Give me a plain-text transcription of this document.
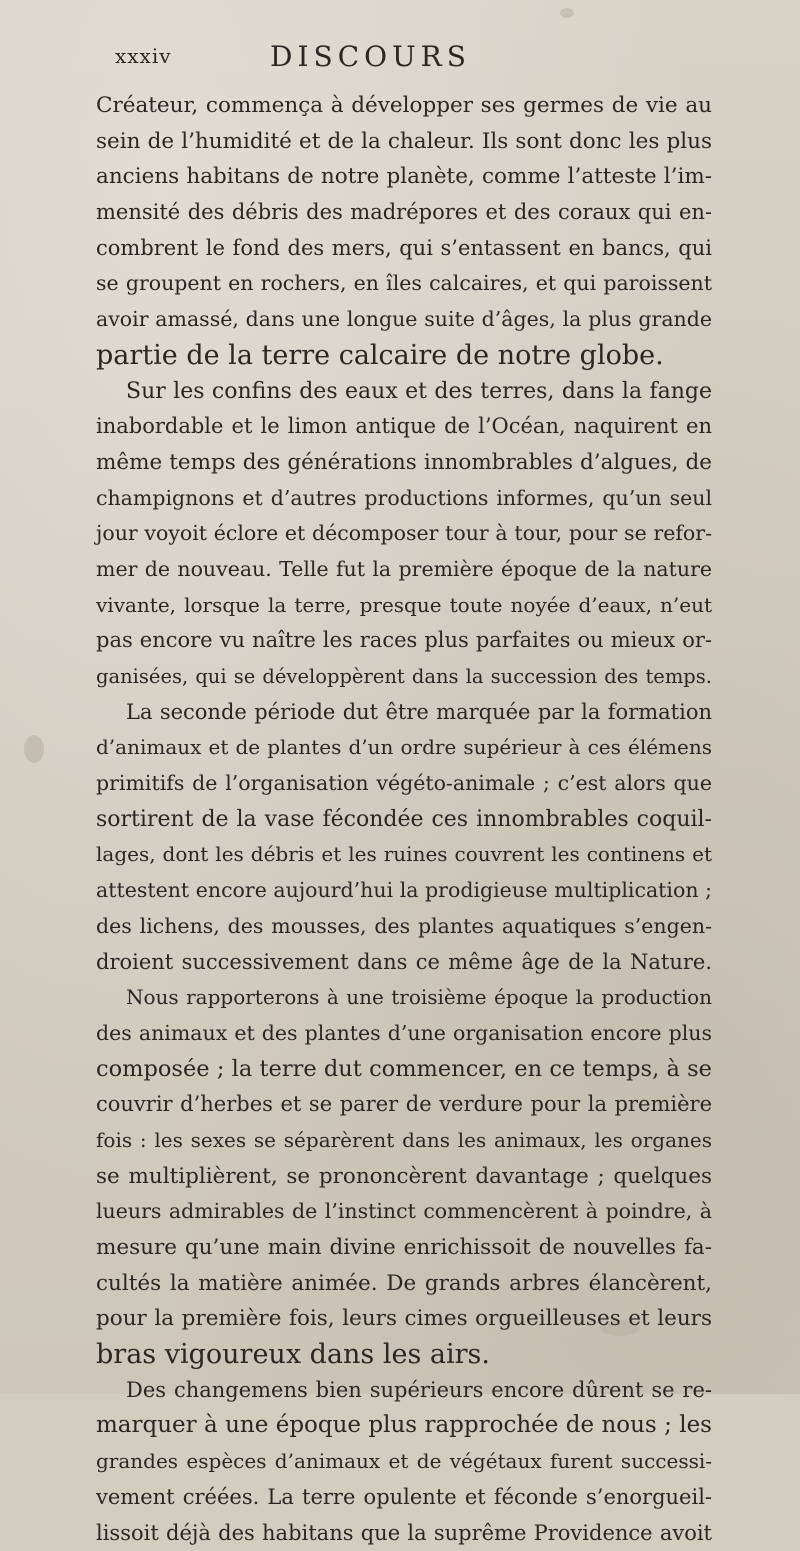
xxxiv	DISCOURS
Créateur, commença à développer ses germes de vie au
sein de l’humidité et de la chaleur. Ils sont donc les plus
anciens habitans de notre planète, comme l’atteste l’im-
mensité des débris des madrépores et des coraux qui en-
combrent le fond des mers, qui s’entassent en bancs, qui
se groupent en rochers, en îles calcaires, et qui paroissent
avoir amassé, dans une longue suite d’âges, la plus grande
partie de la terre calcaire de notre globe.
Sur les confins des eaux et des terres, dans la fange
inabordable et le limon antique de l’Océan, naquirent en
même temps des générations innombrables d’algues, de
champignons et d’autres productions informes, qu’un seul
jour voyoit éclore et décomposer tour à tour, pour se refor-
mer de nouveau. Telle fut la première époque de la nature
vivante, lorsque la terre, presque toute noyée d’eaux, n’eut
pas encore vu naître les races plus parfaites ou mieux or-
ganisées, qui se développèrent dans la succession des temps.
La seconde période dut être marquée par la formation
d’animaux et de plantes d’un ordre supérieur à ces élémens
primitifs de l’organisation végéto-animale ; c’est alors que
sortirent de la vase fécondée ces innombrables coquil-
lages, dont les débris et les ruines couvrent les continens et
attestent encore aujourd’hui la prodigieuse multiplication ;
des lichens, des mousses, des plantes aquatiques s’engen-
droient successivement dans ce même âge de la Nature.
Nous rapporterons à une troisième époque la production
des animaux et des plantes d’une organisation encore plus
composée ; la terre dut commencer, en ce temps, à se
couvrir d’herbes et se parer de verdure pour la première
fois : les sexes se séparèrent dans les animaux, les organes
se multiplièrent, se prononcèrent davantage ; quelques
lueurs admirables de l’instinct commencèrent à poindre, à
mesure qu’une main divine enrichissoit de nouvelles fa-
cultés la matière animée. De grands arbres élancèrent,
pour la première fois, leurs cimes orgueilleuses et leurs
bras vigoureux dans les airs.
Des changemens bien supérieurs encore dûrent se re-
marquer à une époque plus rapprochée de nous ; les
grandes espèces d’animaux et de végétaux furent successi-
vement créées. La terre opulente et féconde s’enorgueil-
lissoit déjà des habitans que la suprême Providence avoit
